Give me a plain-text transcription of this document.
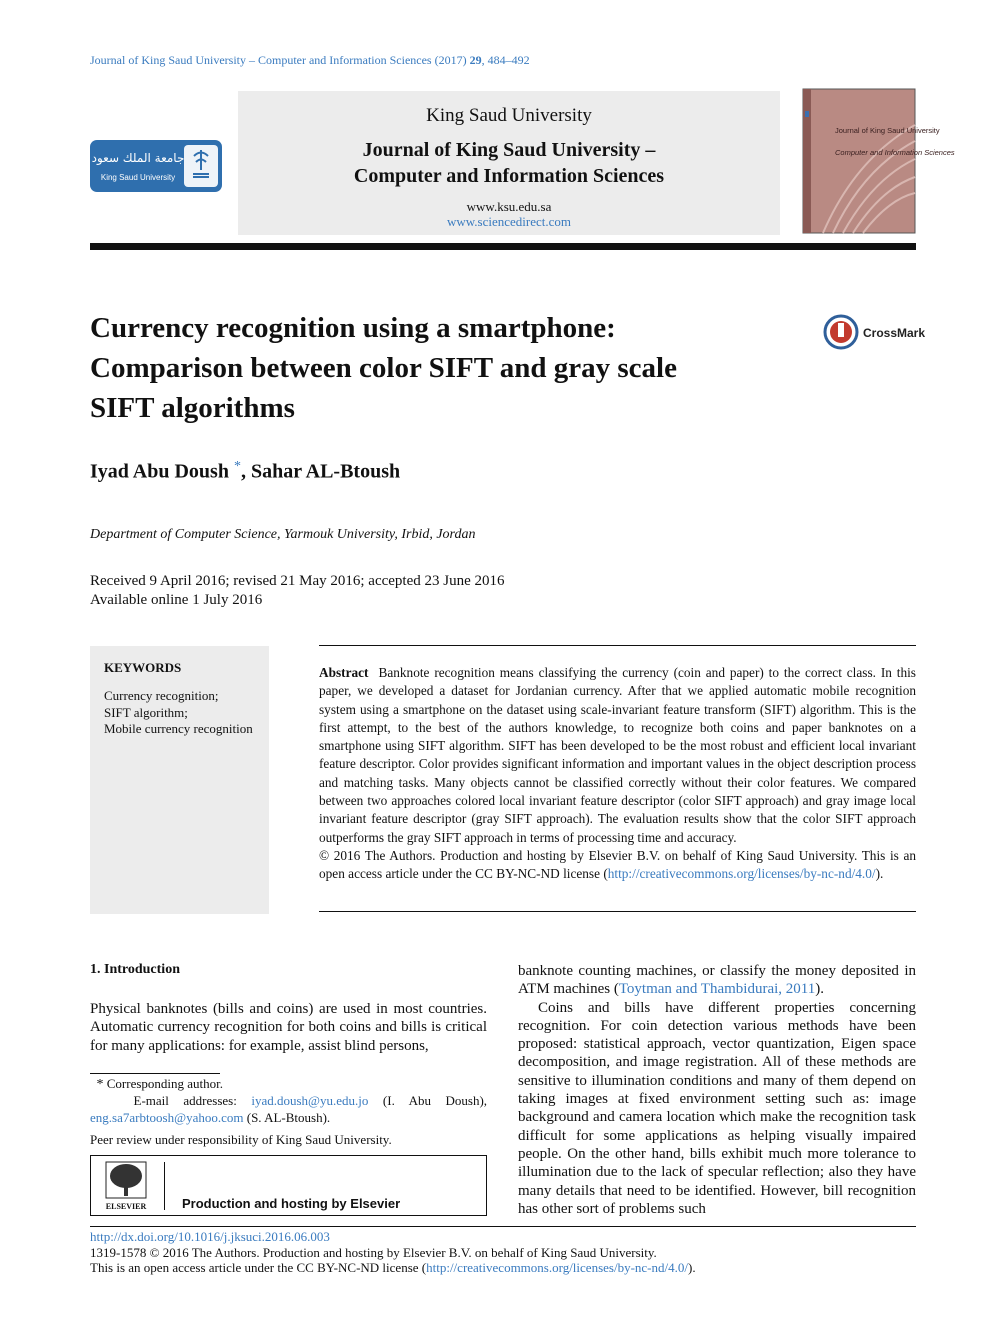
Journal of King Saud University – Computer and Information Sciences (2017) 29, 484–492
جامعة الملك سعود
King Saud University
King Saud University
Journal of King Saud University –
Computer and Information Sciences
www.ksu.edu.sa
www.sciencedirect.com
Journal of King Saud University
Computer and Information Sciences
Currency recognition using a smartphone:
Comparison between color SIFT and gray scale
SIFT algorithms
CrossMark
Iyad Abu Doush *, Sahar AL-Btoush
Department of Computer Science, Yarmouk University, Irbid, Jordan
Received 9 April 2016; revised 21 May 2016; accepted 23 June 2016
Available online 1 July 2016
KEYWORDS
Currency recognition;
SIFT algorithm;
Mobile currency recognition

Abstract Banknote recognition means classifying the currency (coin and paper) to the correct class. In this paper, we developed a dataset for Jordanian currency. After that we applied automatic mobile recognition system using a smartphone on the dataset using scale-invariant feature transform (SIFT) algorithm. This is the first attempt, to the best of the authors knowledge, to recognize both coins and paper banknotes on a smartphone using SIFT algorithm. SIFT has been developed to be the most robust and efficient local invariant feature descriptor. Color provides significant information and important values in the object description process and matching tasks. Many objects cannot be classified correctly without their color features. We compared between two approaches colored local invariant feature descriptor (color SIFT approach) and gray image local invariant feature descriptor (gray SIFT approach). The evaluation results show that the color SIFT approach outperforms the gray SIFT approach in terms of processing time and accuracy.

© 2016 The Authors. Production and hosting by Elsevier B.V. on behalf of King Saud University. This is an open access article under the CC BY-NC-ND license (http://creativecommons.org/licenses/by-nc-nd/4.0/).

1. Introduction

Physical banknotes (bills and coins) are used in most countries. Automatic currency recognition for both coins and bills is critical for many applications: for example, assist blind persons,

* Corresponding author.

E-mail addresses: iyad.doush@yu.edu.jo (I. Abu Doush), eng.sa7arbtoosh@yahoo.com (S. AL-Btoush).

Peer review under responsibility of King Saud University.

ELSEVIER	Production and hosting by Elsevier

banknote counting machines, or classify the money deposited in ATM machines (Toytman and Thambidurai, 2011).

Coins and bills have different properties concerning recognition. For coin detection various methods have been proposed: statistical approach, vector quantization, Eigen space decomposition, and image registration. All of these methods are sensitive to illumination conditions and many of them depend on taking images at fixed environment setting such as: image background and camera location which make the recognition task difficult for some applications as helping visually impaired people. On the other hand, bills exhibit much more tolerance to illumination due to the lack of specular reflection; also they have many details that need to be identified. However, bill recognition has other sort of problems such

http://dx.doi.org/10.1016/j.jksuci.2016.06.003

1319-1578 © 2016 The Authors. Production and hosting by Elsevier B.V. on behalf of King Saud University.

This is an open access article under the CC BY-NC-ND license (http://creativecommons.org/licenses/by-nc-nd/4.0/).
